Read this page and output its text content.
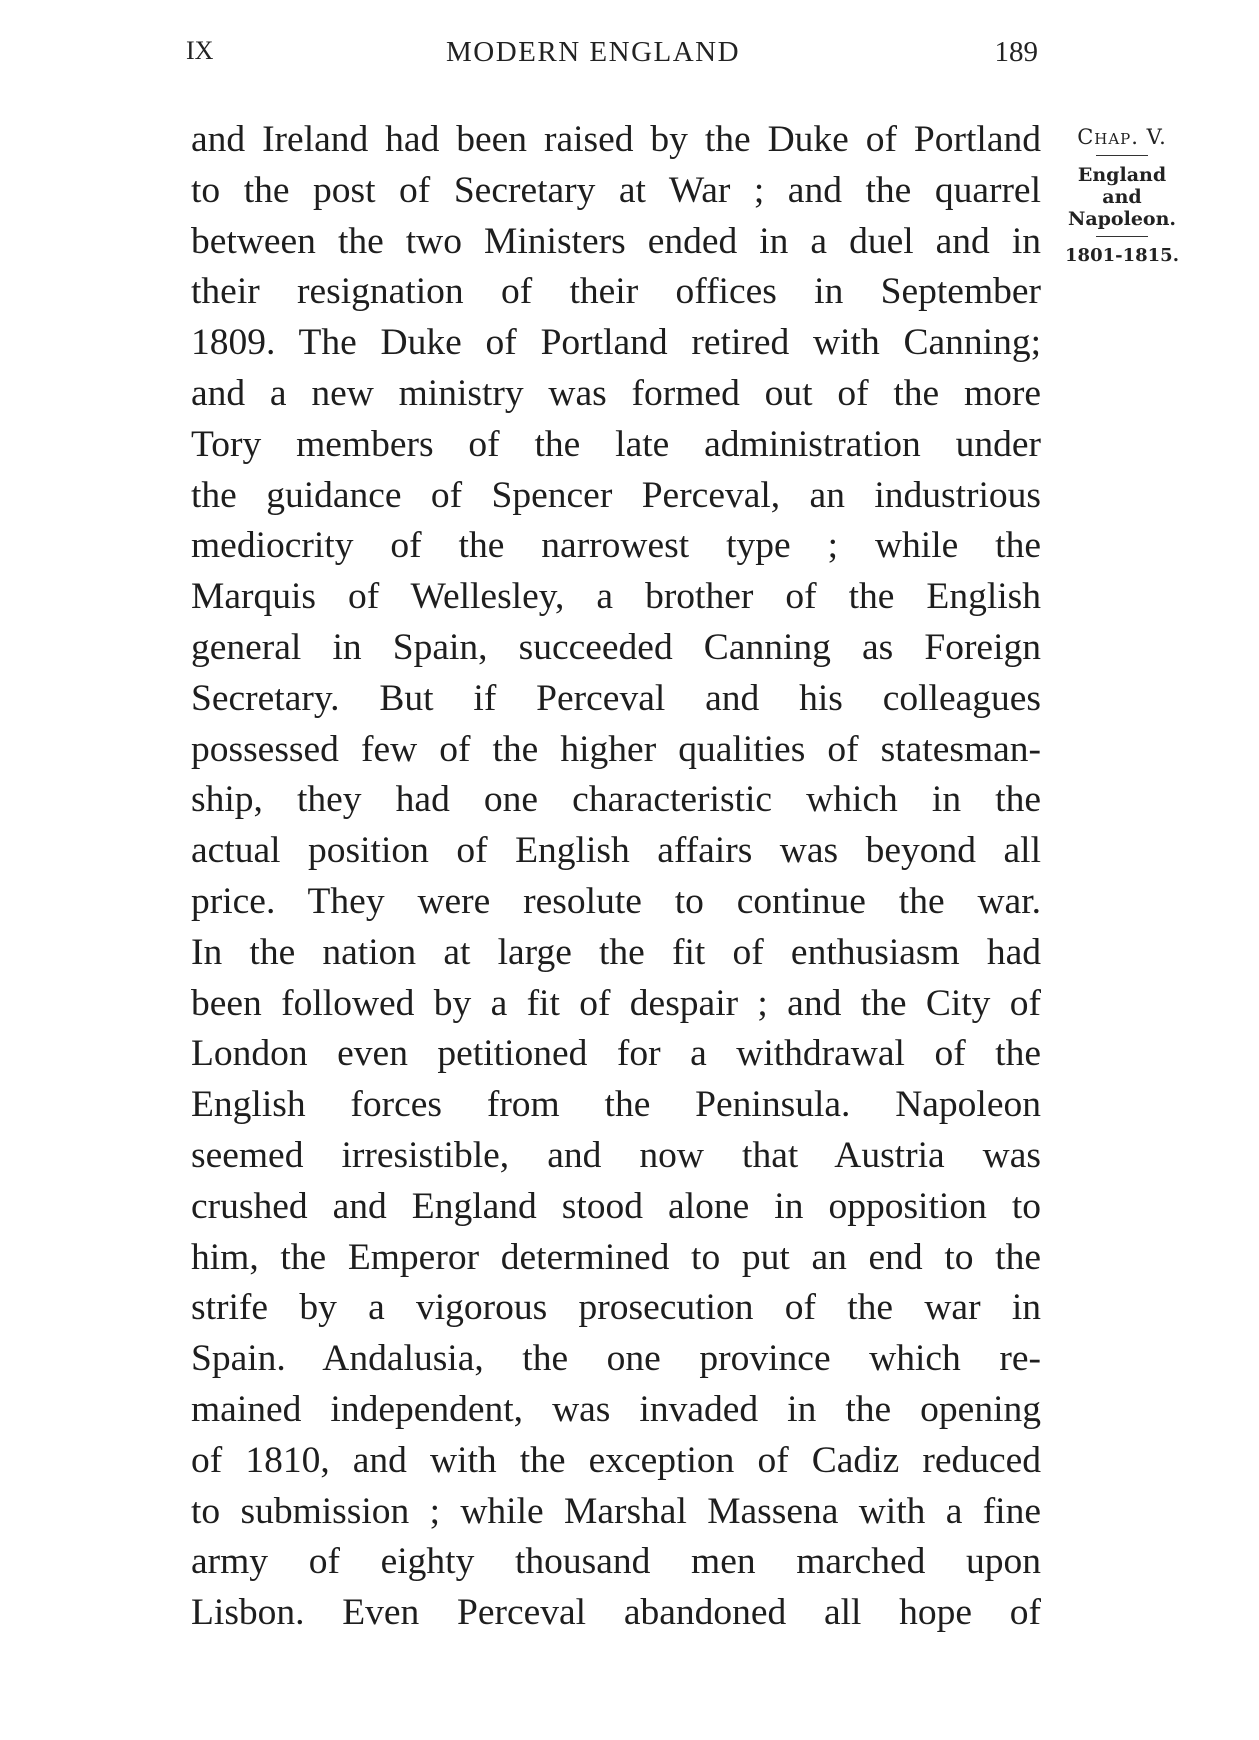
IX	MODERN ENGLAND	189
and Ireland had been raised by the Duke of Portland
to the post of Secretary at War ; and the quarrel
between the two Ministers ended in a duel and in
their resignation of their offices in September
1809. The Duke of Portland retired with Canning;
and a new ministry was formed out of the more
Tory members of the late administration under
the guidance of Spencer Perceval, an industrious
mediocrity of the narrowest type ; while the
Marquis of Wellesley, a brother of the English
general in Spain, succeeded Canning as Foreign
Secretary. But if Perceval and his colleagues
possessed few of the higher qualities of statesman-
ship, they had one characteristic which in the
actual position of English affairs was beyond all
price. They were resolute to continue the war.
In the nation at large the fit of enthusiasm had
been followed by a fit of despair ; and the City of
London even petitioned for a withdrawal of the
English forces from the Peninsula. Napoleon
seemed irresistible, and now that Austria was
crushed and England stood alone in opposition to
him, the Emperor determined to put an end to the
strife by a vigorous prosecution of the war in
Spain. Andalusia, the one province which re-
mained independent, was invaded in the opening
of 1810, and with the exception of Cadiz reduced
to submission ; while Marshal Massena with a fine
army of eighty thousand men marched upon
Lisbon. Even Perceval abandoned all hope of
Chap. V.
England
and
Napoleon.
1801-1815.
